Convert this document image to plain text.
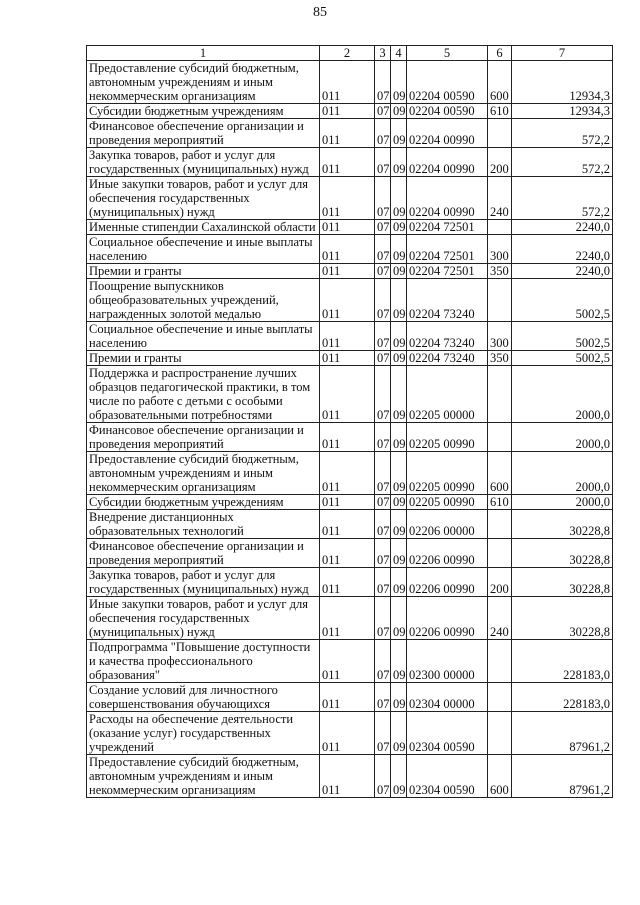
85
1	2	3	4	5	6	7
Предоставление субсидий бюджетным, автономным учреждениям и иным некоммерческим организациям	011	07	09	02204 00590	600	12934,3
Субсидии бюджетным учреждениям	011	07	09	02204 00590	610	12934,3
Финансовое обеспечение организации и проведения мероприятий	011	07	09	02204 00990		572,2
Закупка товаров, работ и услуг для государственных (муниципальных) нужд	011	07	09	02204 00990	200	572,2
Иные закупки товаров, работ и услуг для обеспечения государственных (муниципальных) нужд	011	07	09	02204 00990	240	572,2
Именные стипендии Сахалинской области	011	07	09	02204 72501		2240,0
Социальное обеспечение и иные выплаты населению	011	07	09	02204 72501	300	2240,0
Премии и гранты	011	07	09	02204 72501	350	2240,0
Поощрение выпускников общеобразовательных учреждений, награжденных золотой медалью	011	07	09	02204 73240		5002,5
Социальное обеспечение и иные выплаты населению	011	07	09	02204 73240	300	5002,5
Премии и гранты	011	07	09	02204 73240	350	5002,5
Поддержка и распространение лучших образцов педагогической практики, в том числе по работе с детьми с особыми образовательными потребностями	011	07	09	02205 00000		2000,0
Финансовое обеспечение организации и проведения мероприятий	011	07	09	02205 00990		2000,0
Предоставление субсидий бюджетным, автономным учреждениям и иным некоммерческим организациям	011	07	09	02205 00990	600	2000,0
Субсидии бюджетным учреждениям	011	07	09	02205 00990	610	2000,0
Внедрение дистанционных образовательных технологий	011	07	09	02206 00000		30228,8
Финансовое обеспечение организации и проведения мероприятий	011	07	09	02206 00990		30228,8
Закупка товаров, работ и услуг для государственных (муниципальных) нужд	011	07	09	02206 00990	200	30228,8
Иные закупки товаров, работ и услуг для обеспечения государственных (муниципальных) нужд	011	07	09	02206 00990	240	30228,8
Подпрограмма "Повышение доступности и качества профессионального образования"	011	07	09	02300 00000		228183,0
Создание условий для личностного совершенствования обучающихся	011	07	09	02304 00000		228183,0
Расходы на обеспечение деятельности (оказание услуг) государственных учреждений	011	07	09	02304 00590		87961,2
Предоставление субсидий бюджетным, автономным учреждениям и иным некоммерческим организациям	011	07	09	02304 00590	600	87961,2
